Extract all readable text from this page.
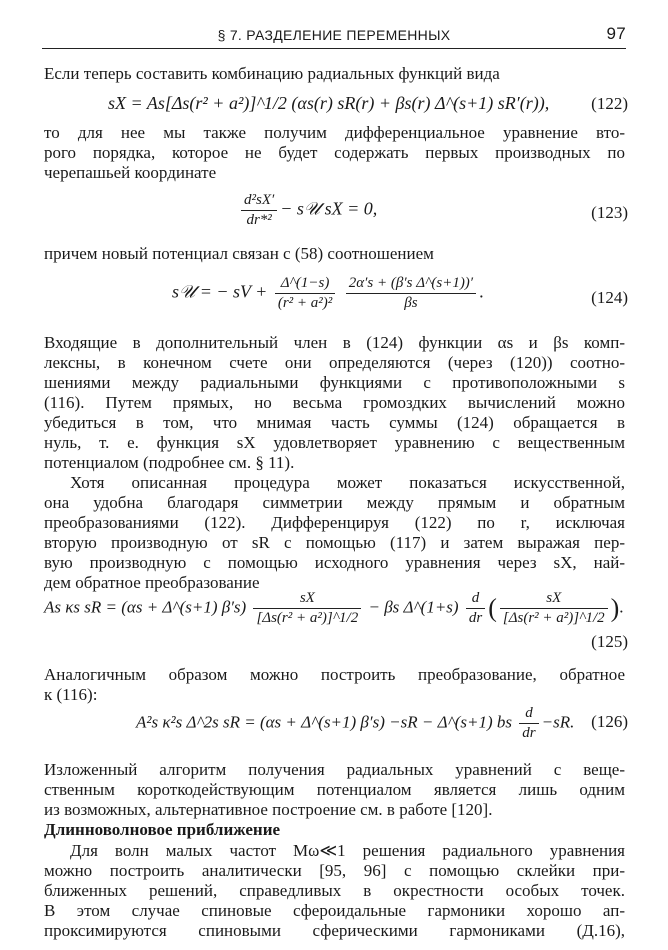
§ 7. РАЗДЕЛЕНИЕ ПЕРЕМЕННЫХ	97
Если теперь составить комбинацию радиальных функций вида
sX = As[Δs(r² + a²)]^1/2 (αs(r) sR(r) + βs(r) Δ^(s+1) sR′(r)), (122)
то для нее мы также получим дифференциальное уравнение вто-
рого порядка, которое не будет содержать первых производных по
черепашьей координате
$\frac{\text{d²sX′}}{\text{dr*²}}$ − s𝒰 sX = 0,	(123)
причем новый потенциал связан с (58) соотношением
s𝒰 = − sV + $\frac{\Delta\^{}(1-s)}{\text{(r² + a²)²}}$
$\frac{\text{2α′s + (β′s Δ\textasciicircum{}(s+1))′}}{\beta s}$ .	(124)
Входящие в дополнительный член в (124) функции αs и βs комп-
лексны, в конечном счете они определяются (через (120)) соотно-
шениями между радиальными функциями с противоположными s
(116). Путем прямых, но весьма громоздких вычислений можно
убедиться в том, что мнимая часть суммы (124) обращается в
нуль, т. е. функция sX удовлетворяет уравнению с вещественным
потенциалом (подробнее см. § 11).
Хотя описанная процедура может показаться искусственной,
она удобна благодаря симметрии между прямым и обратным
преобразованиями (122). Дифференцируя (122) по r, исключая
вторую производную от sR с помощью (117) и затем выражая пер-
вую производную с помощью исходного уравнения через sX, най-
дем обратное преобразование
As κs sR = (αs + Δ^(s+1) $\beta's) \frac{sX}{\text{[Δs(r² + a²)]\textasciicircum{}1/2}} - \beta s$ Δ^(1+s) $\frac{d}{dr}$ ( $\frac{sX}{\text{[Δs(r² + a²)]\textasciicircum{}1/2}}$ ).
(125)
Аналогичным образом можно построить преобразование, обратное
к (116):
A²s κ²s Δ^2s sR = (αs + Δ^(s+1) β′s) −sR − Δ^(s+1) bs $\frac{d}{dr} -sR$. (126)
Изложенный алгоритм получения радиальных уравнений с веще-
ственным короткодействующим потенциалом является лишь одним
из возможных, альтернативное построение см. в работе [120].
Длинноволновое приближение
Для волн малых частот Mω≪1 решения радиального уравнения
можно построить аналитически [95, 96] с помощью склейки при-
ближенных решений, справедливых в окрестности особых точек.
В этом случае спиновые сфероидальные гармоники хорошо ап-
проксимируются спиновыми сферическими гармониками (Д.16),
